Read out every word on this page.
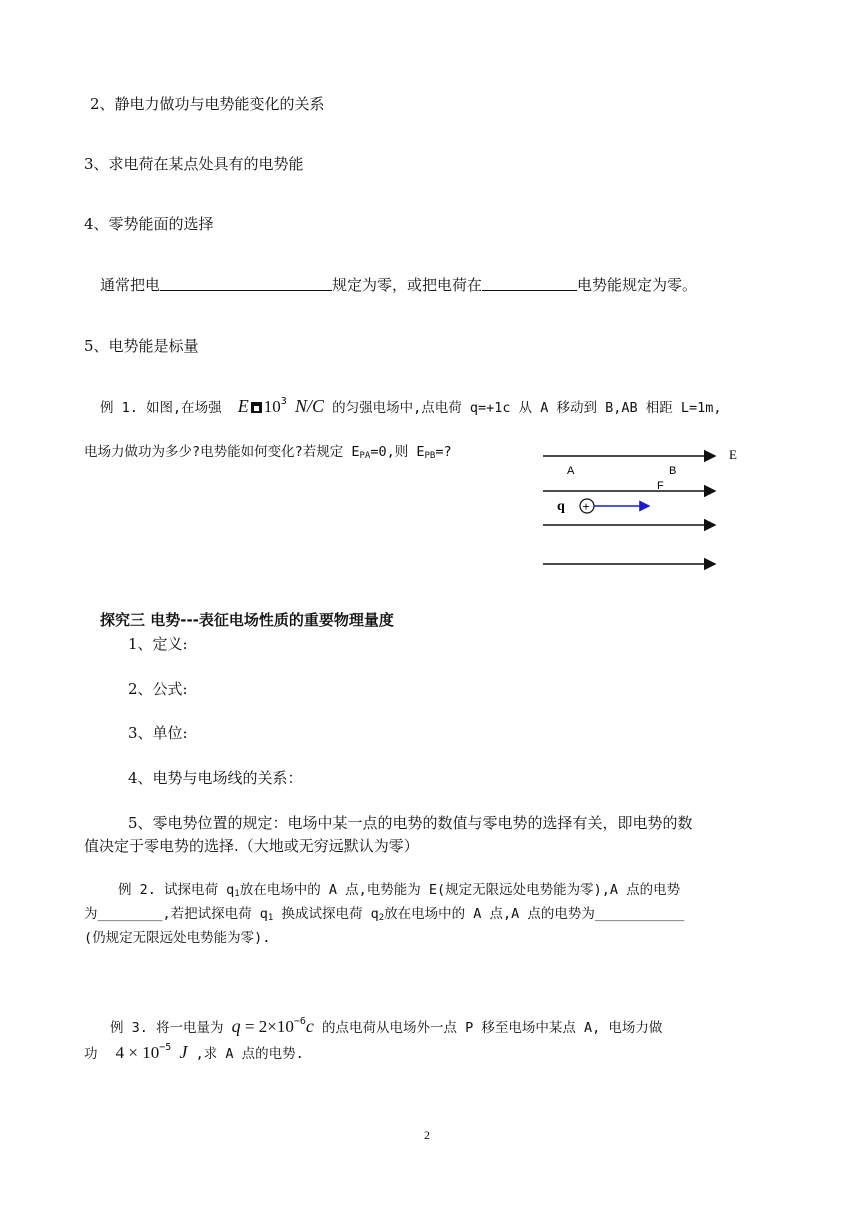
2、静电力做功与电势能变化的关系
3、求电荷在某点处具有的电势能
4、零势能面的选择
通常把电	规定为零，或把电荷在	电势能规定为零。
5、电势能是标量
例 1. 如图,在场强 E $10^3$ N/C 的匀强电场中,点电荷 q=+1c 从 A 移动到 B,AB 相距 L=1m,
电场力做功为多少?电势能如何变化?若规定 $E_{PA}=0$,则 $E_{PB}=$?	E
A	B
F
q +
探究三 电势---表征电场性质的重要物理量度
1、定义:
2、公式:
3、单位:
4、电势与电场线的关系：
5、零电势位置的规定：电场中某一点的电势的数值与零电势的选择有关，即电势的数
值决定于零电势的选择.（大地或无穷远默认为零）
例 2. 试探电荷 $q_1$放在电场中的 A 点,电势能为 E(规定无限远处电势能为零),A 点的电势
为________,若把试探电荷 $q_1$ 换成试探电荷 $q_2$放在电场中的 A 点,A 点的电势为___________
(仍规定无限远处电势能为零).
例 3. 将一电量为 $q = 2\times 10^{-6}c$ 的点电荷从电场外一点 P 移至电场中某点 A, 电场力做
功 $4 \times 10^{-5}$ J ,求 A 点的电势.
2
